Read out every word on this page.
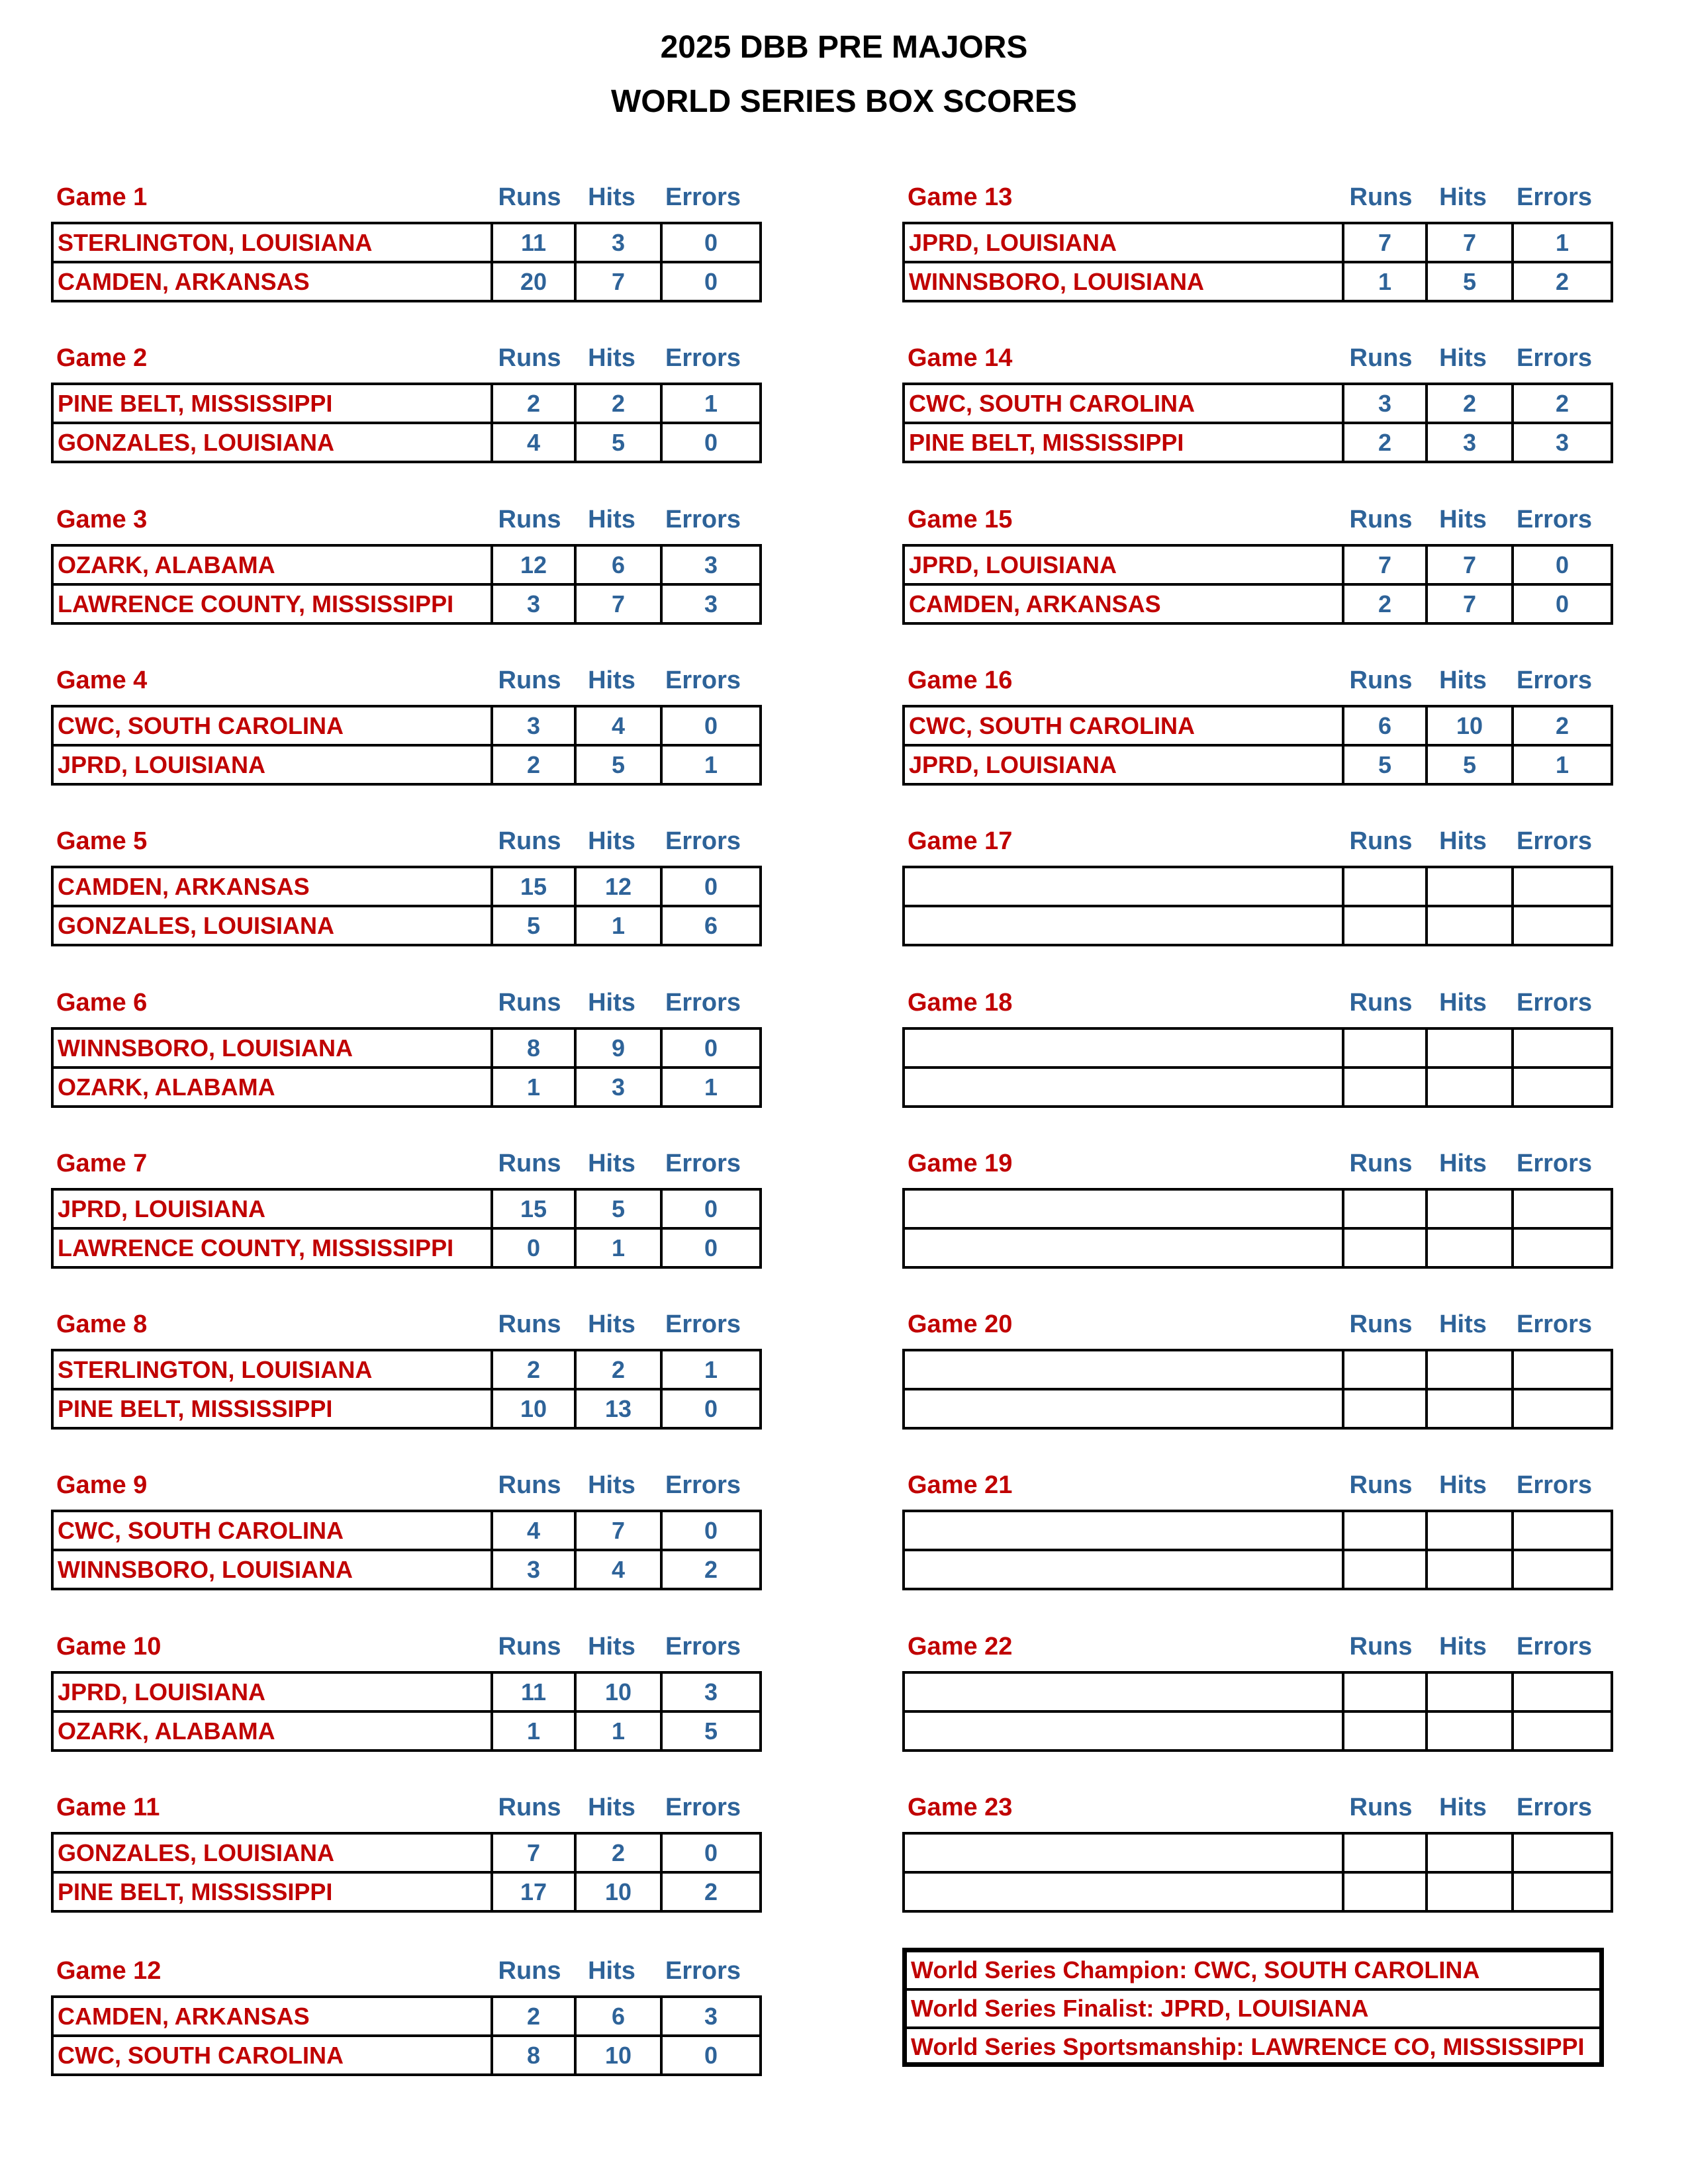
2025 DBB PRE MAJORS
WORLD SERIES BOX SCORES
Game 1	Runs	Hits	Errors
STERLINGTON, LOUISIANA	11	3	0
CAMDEN, ARKANSAS	20	7	0
Game 2	Runs	Hits	Errors
PINE BELT, MISSISSIPPI	2	2	1
GONZALES, LOUISIANA	4	5	0
Game 3	Runs	Hits	Errors
OZARK, ALABAMA	12	6	3
LAWRENCE COUNTY, MISSISSIPPI	3	7	3
Game 4	Runs	Hits	Errors
CWC, SOUTH CAROLINA	3	4	0
JPRD, LOUISIANA	2	5	1
Game 5	Runs	Hits	Errors
CAMDEN, ARKANSAS	15	12	0
GONZALES, LOUISIANA	5	1	6
Game 6	Runs	Hits	Errors
WINNSBORO, LOUISIANA	8	9	0
OZARK, ALABAMA	1	3	1
Game 7	Runs	Hits	Errors
JPRD, LOUISIANA	15	5	0
LAWRENCE COUNTY, MISSISSIPPI	0	1	0
Game 8	Runs	Hits	Errors
STERLINGTON, LOUISIANA	2	2	1
PINE BELT, MISSISSIPPI	10	13	0
Game 9	Runs	Hits	Errors
CWC, SOUTH CAROLINA	4	7	0
WINNSBORO, LOUISIANA	3	4	2
Game 10	Runs	Hits	Errors
JPRD, LOUISIANA	11	10	3
OZARK, ALABAMA	1	1	5
Game 11	Runs	Hits	Errors
GONZALES, LOUISIANA	7	2	0
PINE BELT, MISSISSIPPI	17	10	2
Game 12	Runs	Hits	Errors
CAMDEN, ARKANSAS	2	6	3
CWC, SOUTH CAROLINA	8	10	0
Game 13	Runs	Hits	Errors
JPRD, LOUISIANA	7	7	1
WINNSBORO, LOUISIANA	1	5	2
Game 14	Runs	Hits	Errors
CWC, SOUTH CAROLINA	3	2	2
PINE BELT, MISSISSIPPI	2	3	3
Game 15	Runs	Hits	Errors
JPRD, LOUISIANA	7	7	0
CAMDEN, ARKANSAS	2	7	0
Game 16	Runs	Hits	Errors
CWC, SOUTH CAROLINA	6	10	2
JPRD, LOUISIANA	5	5	1
Game 17	Runs	Hits	Errors

Game 18	Runs	Hits	Errors

Game 19	Runs	Hits	Errors

Game 20	Runs	Hits	Errors

Game 21	Runs	Hits	Errors

Game 22	Runs	Hits	Errors

Game 23	Runs	Hits	Errors

World Series Champion: CWC, SOUTH CAROLINA
World Series Finalist: JPRD, LOUISIANA
World Series Sportsmanship: LAWRENCE CO, MISSISSIPPI
